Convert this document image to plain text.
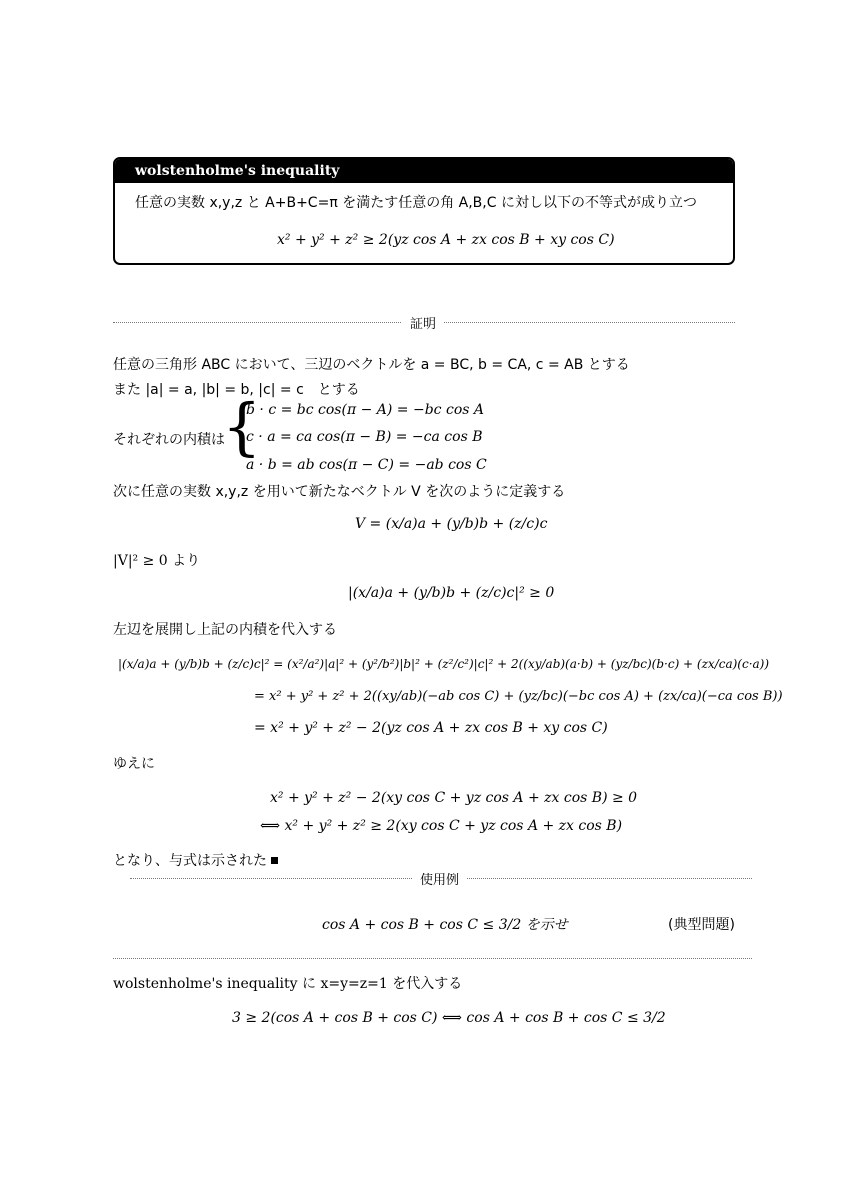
wolstenholme's inequality
任意の実数 x,y,z と A+B+C=π を満たす任意の角 A,B,C に対し以下の不等式が成り立つ
x² + y² + z² ≥ 2(yz cos A + zx cos B + xy cos C)
証明
任意の三角形 ABC において、三辺のベクトルを a = BC, b = CA, c = AB とする
また |a| = a, |b| = b, |c| = c　とする
それぞれの内積は
{
b · c = bc cos(π − A) = −bc cos A
c · a = ca cos(π − B) = −ca cos B
a · b = ab cos(π − C) = −ab cos C
次に任意の実数 x,y,z を用いて新たなベクトル V を次のように定義する
V = (x/a)a + (y/b)b + (z/c)c
|V|² ≥ 0 より
|(x/a)a + (y/b)b + (z/c)c|² ≥ 0
左辺を展開し上記の内積を代入する
|(x/a)a + (y/b)b + (z/c)c|² = (x²/a²)|a|² + (y²/b²)|b|² + (z²/c²)|c|² + 2((xy/ab)(a·b) + (yz/bc)(b·c) + (zx/ca)(c·a))
= x² + y² + z² + 2((xy/ab)(−ab cos C) + (yz/bc)(−bc cos A) + (zx/ca)(−ca cos B))
= x² + y² + z² − 2(yz cos A + zx cos B + xy cos C)
ゆえに
x² + y² + z² − 2(xy cos C + yz cos A + zx cos B) ≥ 0
⟺ x² + y² + z² ≥ 2(xy cos C + yz cos A + zx cos B)
となり、与式は示された
使用例
cos A + cos B + cos C ≤ 3/2 を示せ	(典型問題)
wolstenholme's inequality に x=y=z=1 を代入する
3 ≥ 2(cos A + cos B + cos C) ⟺ cos A + cos B + cos C ≤ 3/2
